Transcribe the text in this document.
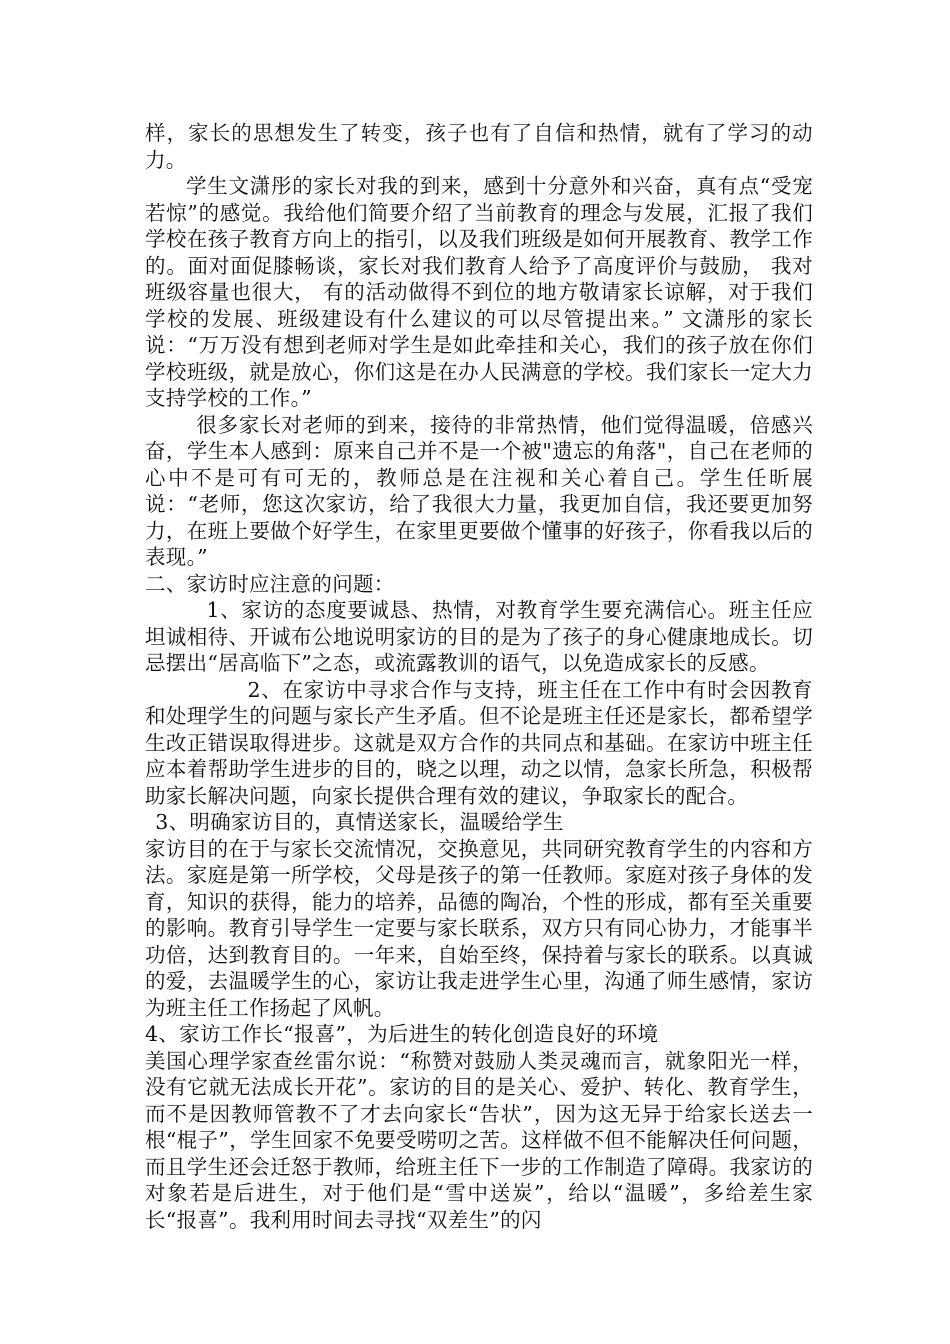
样，家长的思想发生了转变，孩子也有了自信和热情，就有了学习的动力。

学生文潇彤的家长对我的到来，感到十分意外和兴奋，真有点“受宠若惊”的感觉。我给他们简要介绍了当前教育的理念与发展，汇报了我们学校在孩子教育方向上的指引，以及我们班级是如何开展教育、教学工作的。面对面促膝畅谈，家长对我们教育人给予了高度评价与鼓励， 我对班级容量也很大， 有的活动做得不到位的地方敬请家长谅解，对于我们学校的发展、班级建设有什么建议的可以尽管提出来。” 文潇彤的家长说：“万万没有想到老师对学生是如此牵挂和关心，我们的孩子放在你们学校班级，就是放心，你们这是在办人民满意的学校。我们家长一定大力支持学校的工作。”

很多家长对老师的到来，接待的非常热情，他们觉得温暖，倍感兴奋，学生本人感到：原来自己并不是一个被"遗忘的角落"，自己在老师的心中不是可有可无的，教师总是在注视和关心着自己。学生任昕展说：“老师，您这次家访，给了我很大力量，我更加自信，我还要更加努力，在班上要做个好学生，在家里更要做个懂事的好孩子，你看我以后的表现。”

二、家访时应注意的问题：

1、家访的态度要诚恳、热情，对教育学生要充满信心。班主任应坦诚相待、开诚布公地说明家访的目的是为了孩子的身心健康地成长。切忌摆出“居高临下”之态，或流露教训的语气，以免造成家长的反感。

2、在家访中寻求合作与支持，班主任在工作中有时会因教育和处理学生的问题与家长产生矛盾。但不论是班主任还是家长，都希望学生改正错误取得进步。这就是双方合作的共同点和基础。在家访中班主任应本着帮助学生进步的目的，晓之以理，动之以情，急家长所急，积极帮助家长解决问题，向家长提供合理有效的建议，争取家长的配合。

3、明确家访目的，真情送家长，温暖给学生

家访目的在于与家长交流情况，交换意见，共同研究教育学生的内容和方法。家庭是第一所学校，父母是孩子的第一任教师。家庭对孩子身体的发育，知识的获得，能力的培养，品德的陶冶，个性的形成，都有至关重要的影响。教育引导学生一定要与家长联系，双方只有同心协力，才能事半功倍，达到教育目的。一年来，自始至终，保持着与家长的联系。以真诚的爱，去温暖学生的心，家访让我走进学生心里，沟通了师生感情，家访为班主任工作扬起了风帆。

4、家访工作长“报喜”，为后进生的转化创造良好的环境

美国心理学家查丝雷尔说：“称赞对鼓励人类灵魂而言，就象阳光一样，没有它就无法成长开花”。家访的目的是关心、爱护、转化、教育学生，而不是因教师管教不了才去向家长“告状”，因为这无异于给家长送去一根“棍子”，学生回家不免要受唠叨之苦。这样做不但不能解决任何问题，而且学生还会迁怒于教师，给班主任下一步的工作制造了障碍。我家访的对象若是后进生，对于他们是“雪中送炭”，给以“温暖”，多给差生家长“报喜”。我利用时间去寻找“双差生”的闪
